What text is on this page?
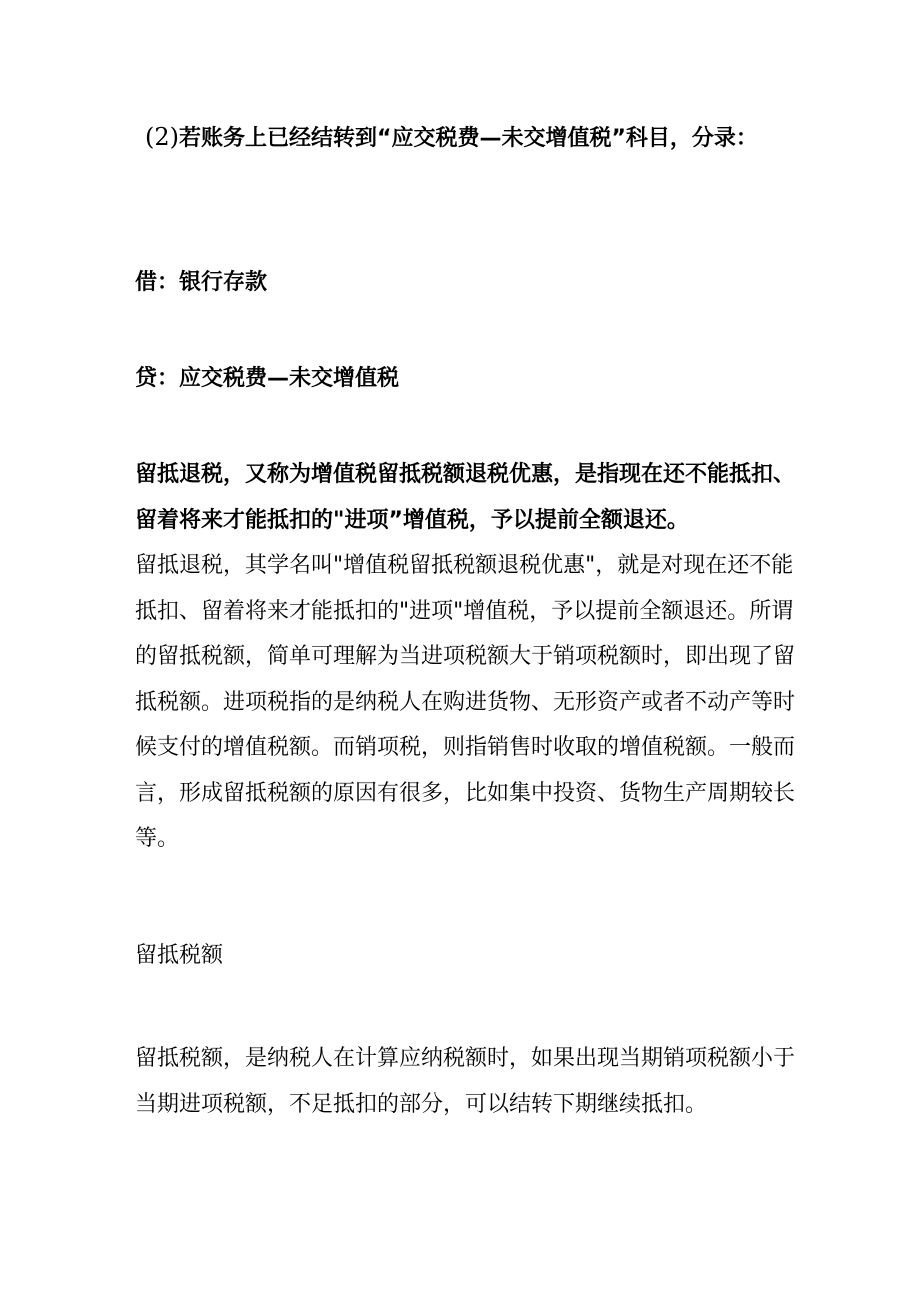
(2)若账务上已经结转到“应交税费—未交增值税”科目，分录：

借：银行存款

贷：应交税费—未交增值税

留抵退税，又称为增值税留抵税额退税优惠，是指现在还不能抵扣、留着将来才能抵扣的"进项”增值税，予以提前全额退还。

留抵退税，其学名叫"增值税留抵税额退税优惠"，就是对现在还不能抵扣、留着将来才能抵扣的"进项"增值税，予以提前全额退还。所谓的留抵税额，简单可理解为当进项税额大于销项税额时，即出现了留抵税额。进项税指的是纳税人在购进货物、无形资产或者不动产等时候支付的增值税额。而销项税，则指销售时收取的增值税额。一般而言，形成留抵税额的原因有很多，比如集中投资、货物生产周期较长等。

留抵税额

留抵税额，是纳税人在计算应纳税额时，如果出现当期销项税额小于当期进项税额，不足抵扣的部分，可以结转下期继续抵扣。
